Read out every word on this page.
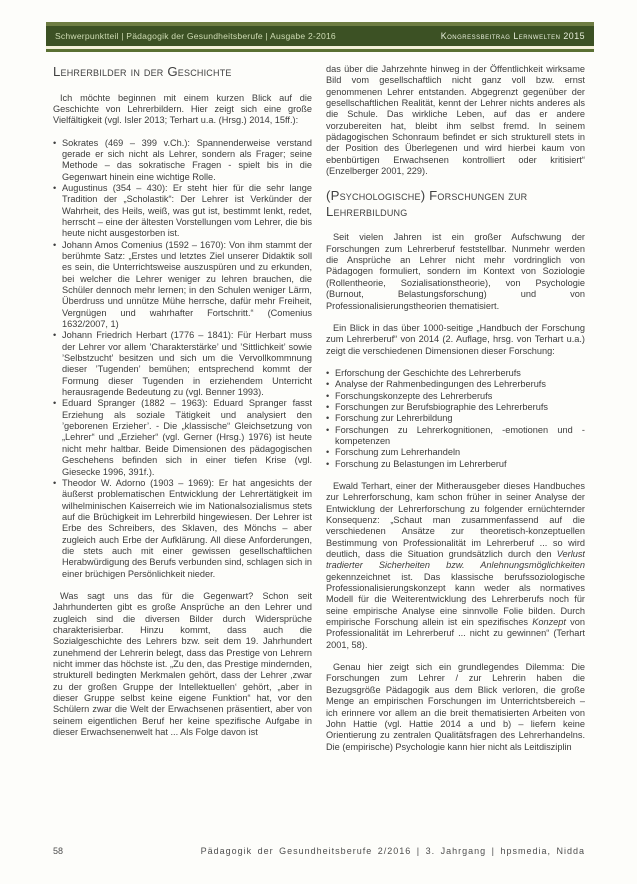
Schwerpunktteil | Pädagogik der Gesundheitsberufe | Ausgabe 2-2016	Kongressbeitrag Lernwelten 2015
Lehrerbilder in der Geschichte

Ich möchte beginnen mit einem kurzen Blick auf die Geschichte von Lehrerbildern. Hier zeigt sich eine große Vielfältigkeit (vgl. Isler 2013; Terhart u.a. (Hrsg.) 2014, 15ff.):

• Sokrates (469 – 399 v.Ch.): Spannenderweise verstand gerade er sich nicht als Lehrer, sondern als Frager; seine Methode – das sokratische Fragen - spielt bis in die Gegenwart hinein eine wichtige Rolle.
• Augustinus (354 – 430): Er steht hier für die sehr lange Tradition der „Scholastik“: Der Lehrer ist Verkünder der Wahrheit, des Heils, weiß, was gut ist, bestimmt lenkt, redet, herrscht – eine der ältesten Vorstellungen vom Lehrer, die bis heute nicht ausgestorben ist.
• Johann Amos Comenius (1592 – 1670): Von ihm stammt der berühmte Satz: „Erstes und letztes Ziel unserer Didaktik soll es sein, die Unterrichtsweise auszuspüren und zu erkunden, bei welcher die Lehrer weniger zu lehren brauchen, die Schüler dennoch mehr lernen; in den Schulen weniger Lärm, Überdruss und unnütze Mühe herrsche, dafür mehr Freiheit, Vergnügen und wahrhafter Fortschritt.“ (Comenius 1632/2007, 1)
• Johann Friedrich Herbart (1776 – 1841): Für Herbart muss der Lehrer vor allem ’Charakterstärke’ und ’Sittlichkeit’ sowie ’Selbstzucht’ besitzen und sich um die Vervollkommnung dieser ’Tugenden’ bemühen; entsprechend kommt der Formung dieser Tugenden in erziehendem Unterricht herausragende Bedeutung zu (vgl. Benner 1993).
• Eduard Spranger (1882 – 1963): Eduard Spranger fasst Erziehung als soziale Tätigkeit und analysiert den ’geborenen Erzieher’. - Die „klassische“ Gleichsetzung von „Lehrer“ und „Erzieher“ (vgl. Gerner (Hrsg.) 1976) ist heute nicht mehr haltbar. Beide Dimensionen des pädagogischen Geschehens befinden sich in einer tiefen Krise (vgl. Giesecke 1996, 391f.).
• Theodor W. Adorno (1903 – 1969): Er hat angesichts der äußerst problematischen Entwicklung der Lehrertätigkeit im wilhelminischen Kaiserreich wie im Nationalsozialismus stets auf die Brüchigkeit im Lehrerbild hingewiesen. Der Lehrer ist Erbe des Schreibers, des Sklaven, des Mönchs – aber zugleich auch Erbe der Aufklärung. All diese Anforderungen, die stets auch mit einer gewissen gesellschaftlichen Herabwürdigung des Berufs verbunden sind, schlagen sich in einer brüchigen Persönlichkeit nieder.

Was sagt uns das für die Gegenwart? Schon seit Jahrhunderten gibt es große Ansprüche an den Lehrer und zugleich sind die diversen Bilder durch Widersprüche charakterisierbar. Hinzu kommt, dass auch die Sozialgeschichte des Lehrers bzw. seit dem 19. Jahrhundert zunehmend der Lehrerin belegt, dass das Prestige von Lehrern nicht immer das höchste ist. „Zu den, das Prestige mindernden, strukturell bedingten Merkmalen gehört, dass der Lehrer ‚zwar zu der großen Gruppe der Intellektuellen‘ gehört, „aber in dieser Gruppe selbst keine eigene Funktion“ hat, vor den Schülern zwar die Welt der Erwachsenen präsentiert, aber von seinem eigentlichen Beruf her keine spezifische Aufgabe in dieser Erwachsenenwelt hat ... Als Folge davon ist

das über die Jahrzehnte hinweg in der Öffentlichkeit wirksame Bild vom gesellschaftlich nicht ganz voll bzw. ernst genommenen Lehrer entstanden. Abgegrenzt gegenüber der gesellschaftlichen Realität, kennt der Lehrer nichts anderes als die Schule. Das wirkliche Leben, auf das er andere vorzubereiten hat, bleibt ihm selbst fremd. In seinem pädagogischen Schonraum befindet er sich strukturell stets in der Position des Überlegenen und wird hierbei kaum von ebenbürtigen Erwachsenen kontrolliert oder kritisiert“ (Enzelberger 2001, 229).

(Psychologische) Forschungen zur Lehrerbildung

Seit vielen Jahren ist ein großer Aufschwung der Forschungen zum Lehrerberuf feststellbar. Nunmehr werden die Ansprüche an Lehrer nicht mehr vordringlich von Pädagogen formuliert, sondern im Kontext von Soziologie (Rollentheorie, Sozialisationstheorie), von Psychologie (Burnout, Belastungsforschung) und von Professionalisierungstheorien thematisiert.

Ein Blick in das über 1000-seitige „Handbuch der Forschung zum Lehrerberuf“ von 2014 (2. Auflage, hrsg. von Terhart u.a.) zeigt die verschiedenen Dimensionen dieser Forschung:

• Erforschung der Geschichte des Lehrerberufs
• Analyse der Rahmenbedingungen des Lehrerberufs
• Forschungskonzepte des Lehrerberufs
• Forschungen zur Berufsbiographie des Lehrerberufs
• Forschung zur Lehrerbildung
• Forschungen zu Lehrerkognitionen, -emotionen und -kompetenzen
• Forschung zum Lehrerhandeln
• Forschung zu Belastungen im Lehrerberuf

Ewald Terhart, einer der Mitherausgeber dieses Handbuches zur Lehrerforschung, kam schon früher in seiner Analyse der Entwicklung der Lehrerforschung zu folgender ernüchternder Konsequenz: „Schaut man zusammenfassend auf die verschiedenen Ansätze zur theoretisch-konzeptuellen Bestimmung von Professionalität im Lehrerberuf ... so wird deutlich, dass die Situation grundsätzlich durch den Verlust tradierter Sicherheiten bzw. Anlehnungsmöglichkeiten gekennzeichnet ist. Das klassische berufssoziologische Professionalisierungskonzept kann weder als normatives Modell für die Weiterentwicklung des Lehrerberufs noch für seine empirische Analyse eine sinnvolle Folie bilden. Durch empirische Forschung allein ist ein spezifisches Konzept von Professionalität im Lehrerberuf ... nicht zu gewinnen“ (Terhart 2001, 58).

Genau hier zeigt sich ein grundlegendes Dilemma: Die Forschungen zum Lehrer / zur Lehrerin haben die Bezugsgröße Pädagogik aus dem Blick verloren, die große Menge an empirischen Forschungen im Unterrichtsbereich – ich erinnere vor allem an die breit thematisierten Arbeiten von John Hattie (vgl. Hattie 2014 a und b) – liefern keine Orientierung zu zentralen Qualitätsfragen des Lehrerhandelns. Die (empirische) Psychologie kann hier nicht als Leitdisziplin

58	Pädagogik der Gesundheitsberufe 2/2016 | 3. Jahrgang | hpsmedia, Nidda
